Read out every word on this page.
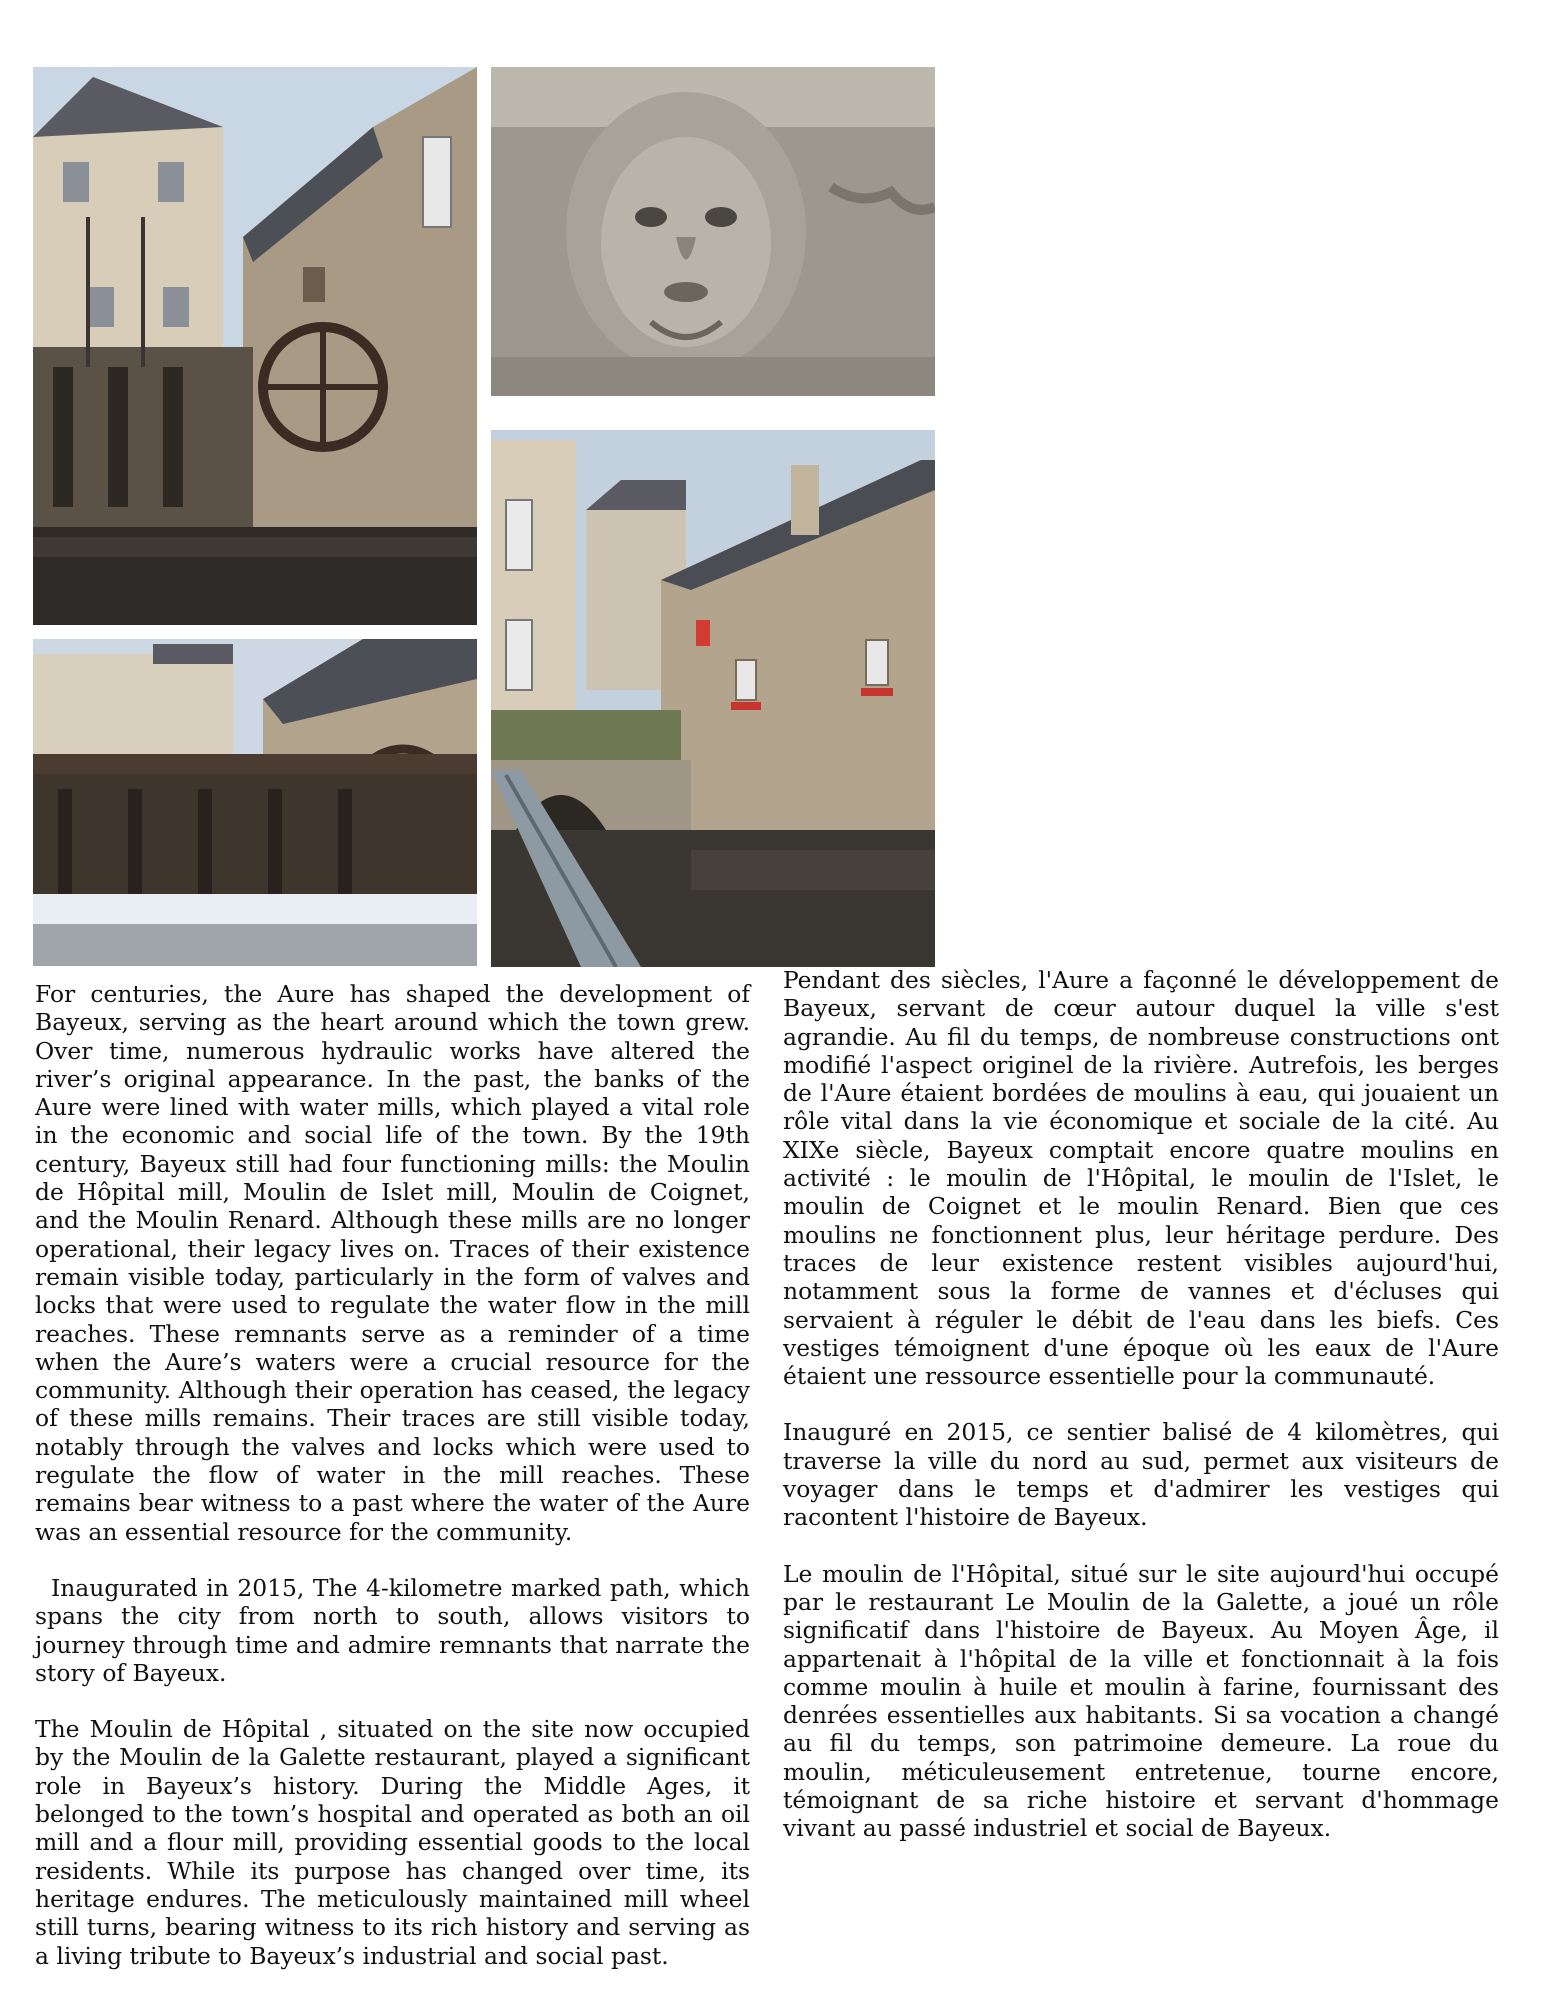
For centuries, the Aure has shaped the development of Bayeux, serving as the heart around which the town grew. Over time, numerous hydraulic works have altered the river’s original appearance. In the past, the banks of the Aure were lined with water mills, which played a vital role in the economic and social life of the town. By the 19th century, Bayeux still had four functioning mills: the Moulin de Hôpital mill, Moulin de Islet mill, Moulin de Coignet, and the Moulin Renard. Although these mills are no longer operational, their legacy lives on. Traces of their existence remain visible today, particularly in the form of valves and locks that were used to regulate the water flow in the mill reaches. These remnants serve as a reminder of a time when the Aure’s waters were a crucial resource for the community. Although their operation has ceased, the legacy of these mills remains. Their traces are still visible today, notably through the valves and locks which were used to regulate the flow of water in the mill reaches. These remains bear witness to a past where the water of the Aure was an essential resource for the community.

Inaugurated in 2015, The 4-kilometre marked path, which spans the city from north to south, allows visitors to journey through time and admire remnants that narrate the story of Bayeux.

The Moulin de Hôpital , situated on the site now occupied by the Moulin de la Galette restaurant, played a significant role in Bayeux’s history. During the Middle Ages, it belonged to the town’s hospital and operated as both an oil mill and a flour mill, providing essential goods to the local residents. While its purpose has changed over time, its heritage endures. The meticulously maintained mill wheel still turns, bearing witness to its rich history and serving as a living tribute to Bayeux’s industrial and social past.

Pendant des siècles, l'Aure a façonné le développement de Bayeux, servant de cœur autour duquel la ville s'est agrandie. Au fil du temps, de nombreuse constructions ont modifié l'aspect originel de la rivière. Autrefois, les berges de l'Aure étaient bordées de moulins à eau, qui jouaient un rôle vital dans la vie économique et sociale de la cité. Au XIXe siècle, Bayeux comptait encore quatre moulins en activité : le moulin de l'Hôpital, le moulin de l'Islet, le moulin de Coignet et le moulin Renard. Bien que ces moulins ne fonctionnent plus, leur héritage perdure. Des traces de leur existence restent visibles aujourd'hui, notamment sous la forme de vannes et d'écluses qui servaient à réguler le débit de l'eau dans les biefs. Ces vestiges témoignent d'une époque où les eaux de l'Aure étaient une ressource essentielle pour la communauté.

Inauguré en 2015, ce sentier balisé de 4 kilomètres, qui traverse la ville du nord au sud, permet aux visiteurs de voyager dans le temps et d'admirer les vestiges qui racontent l'histoire de Bayeux.

Le moulin de l'Hôpital, situé sur le site aujourd'hui occupé par le restaurant Le Moulin de la Galette, a joué un rôle significatif dans l'histoire de Bayeux. Au Moyen Âge, il appartenait à l'hôpital de la ville et fonctionnait à la fois comme moulin à huile et moulin à farine, fournissant des denrées essentielles aux habitants. Si sa vocation a changé au fil du temps, son patrimoine demeure. La roue du moulin, méticuleusement entretenue, tourne encore, témoignant de sa riche histoire et servant d'hommage vivant au passé industriel et social de Bayeux.
